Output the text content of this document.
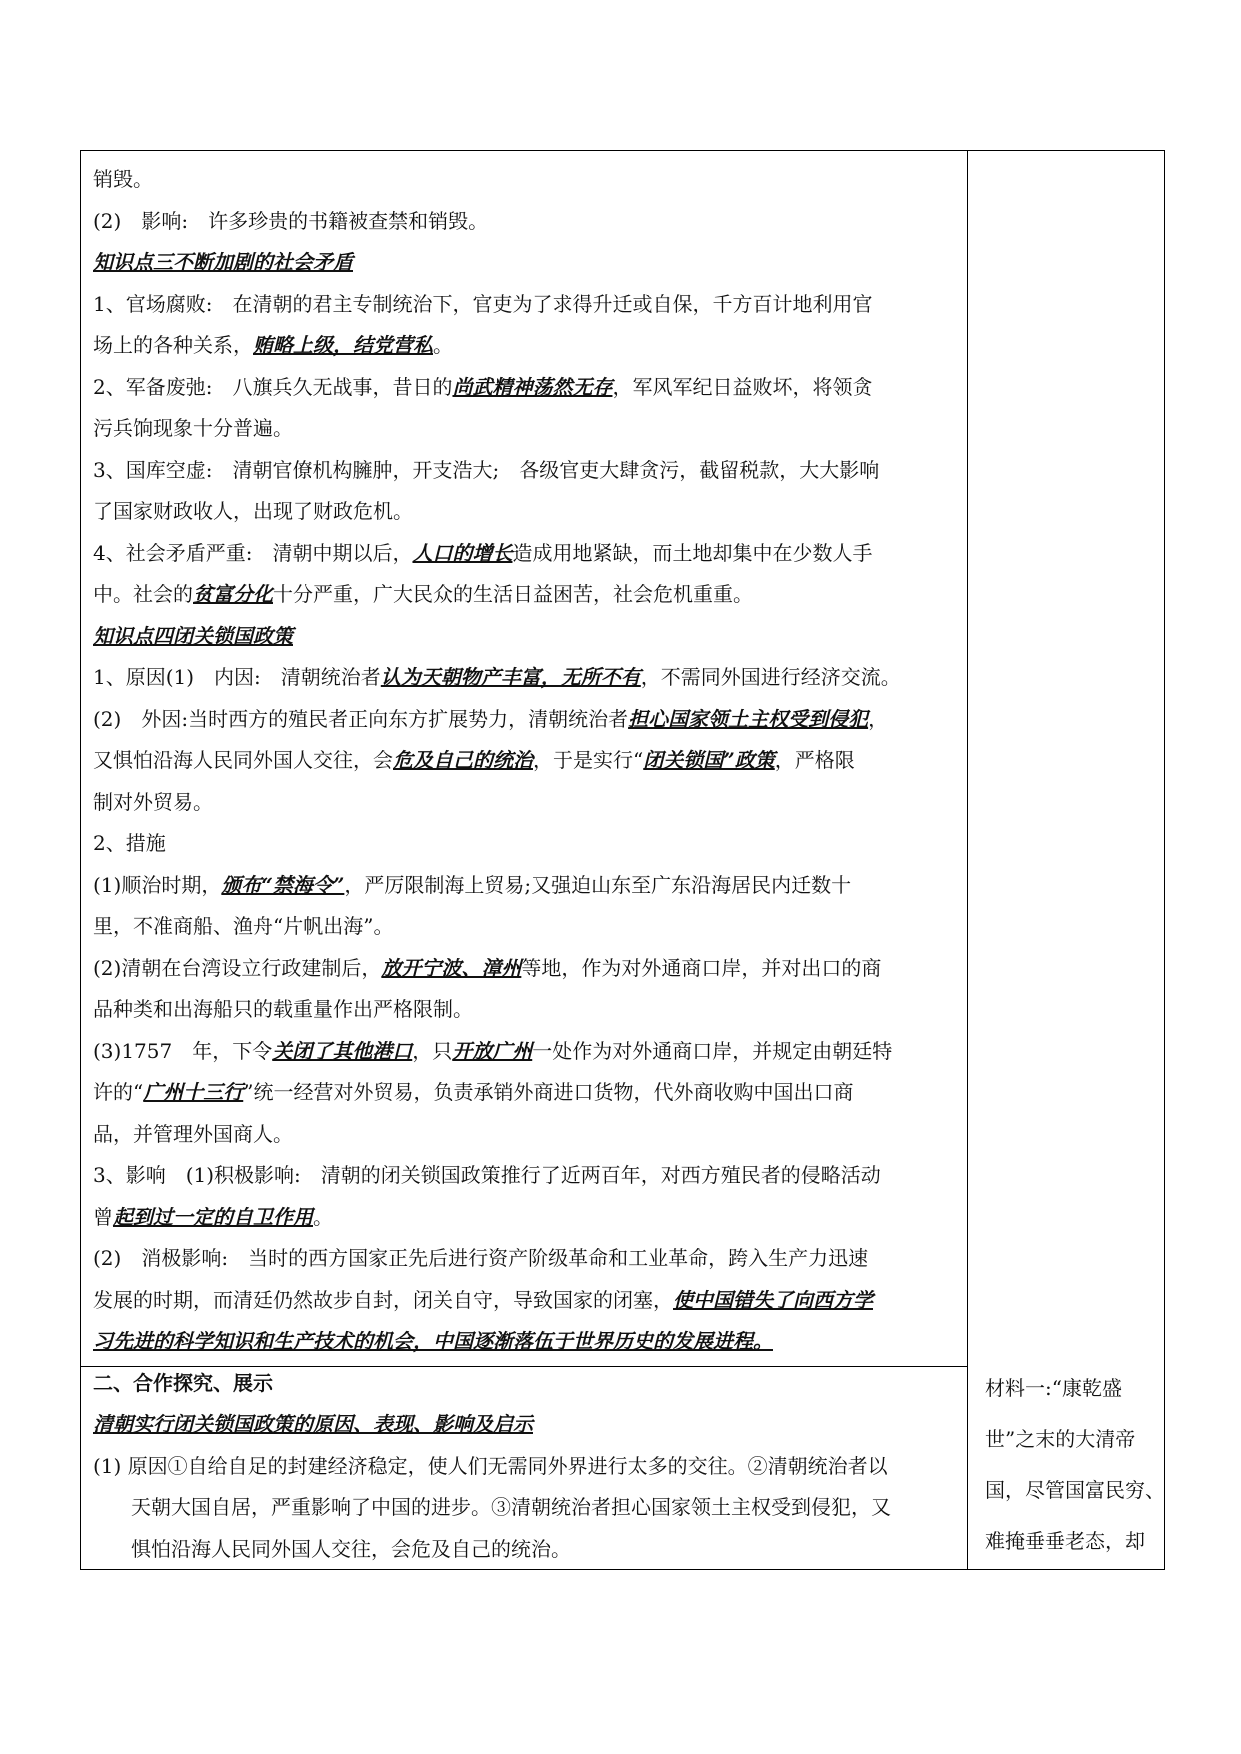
销毁。
(2)　影响:　许多珍贵的书籍被查禁和销毁。
知识点三不断加剧的社会矛盾
1、官场腐败:　在清朝的君主专制统治下，官吏为了求得升迁或自保，千方百计地利用官
场上的各种关系，贿略上级，结党营私。
2、军备废弛:　八旗兵久无战事，昔日的尚武精神荡然无存，军风军纪日益败坏，将领贪
污兵饷现象十分普遍。
3、国库空虚:　清朝官僚机构臃肿，开支浩大;　各级官吏大肆贪污，截留税款，大大影响
了国家财政收人，出现了财政危机。
4、社会矛盾严重:　清朝中期以后，人口的增长造成用地紧缺，而土地却集中在少数人手
中。社会的贫富分化十分严重，广大民众的生活日益困苦，社会危机重重。
知识点四闭关锁国政策
1、原因(1)　内因:　清朝统治者认为天朝物产丰富，无所不有，不需同外国进行经济交流。
(2)　外因:当时西方的殖民者正向东方扩展势力，清朝统治者担心国家领土主权受到侵犯，
又惧怕沿海人民同外国人交往，会危及自己的统治，于是实行“闭关锁国”政策，严格限
制对外贸易。
2、措施
(1)顺治时期，颁布“禁海令”，严厉限制海上贸易;又强迫山东至广东沿海居民内迁数十
里，不准商船、渔舟“片帆出海”。
(2)清朝在台湾设立行政建制后，放开宁波、漳州等地，作为对外通商口岸，并对出口的商
品种类和出海船只的载重量作出严格限制。
(3)1757　年，下令关闭了其他港口，只开放广州一处作为对外通商口岸，并规定由朝廷特
许的“广州十三行”统一经营对外贸易，负责承销外商进口货物，代外商收购中国出口商
品，并管理外国商人。
3、影响　(1)积极影响:　清朝的闭关锁国政策推行了近两百年，对西方殖民者的侵略活动
曾起到过一定的自卫作用。
(2)　消极影响:　当时的西方国家正先后进行资产阶级革命和工业革命，跨入生产力迅速
发展的时期，而清廷仍然故步自封，闭关自守，导致国家的闭塞，使中国错失了向西方学
习先进的科学知识和生产技术的机会，中国逐渐落伍于世界历史的发展进程。
二、合作探究、展示
清朝实行闭关锁国政策的原因、表现、影响及启示
(1) 原因①自给自足的封建经济稳定，使人们无需同外界进行太多的交往。②清朝统治者以
天朝大国自居，严重影响了中国的进步。③清朝统治者担心国家领土主权受到侵犯，又
惧怕沿海人民同外国人交往，会危及自己的统治。
材料一:“康乾盛
世”之末的大清帝
国，尽管国富民穷、
难掩垂垂老态，却
